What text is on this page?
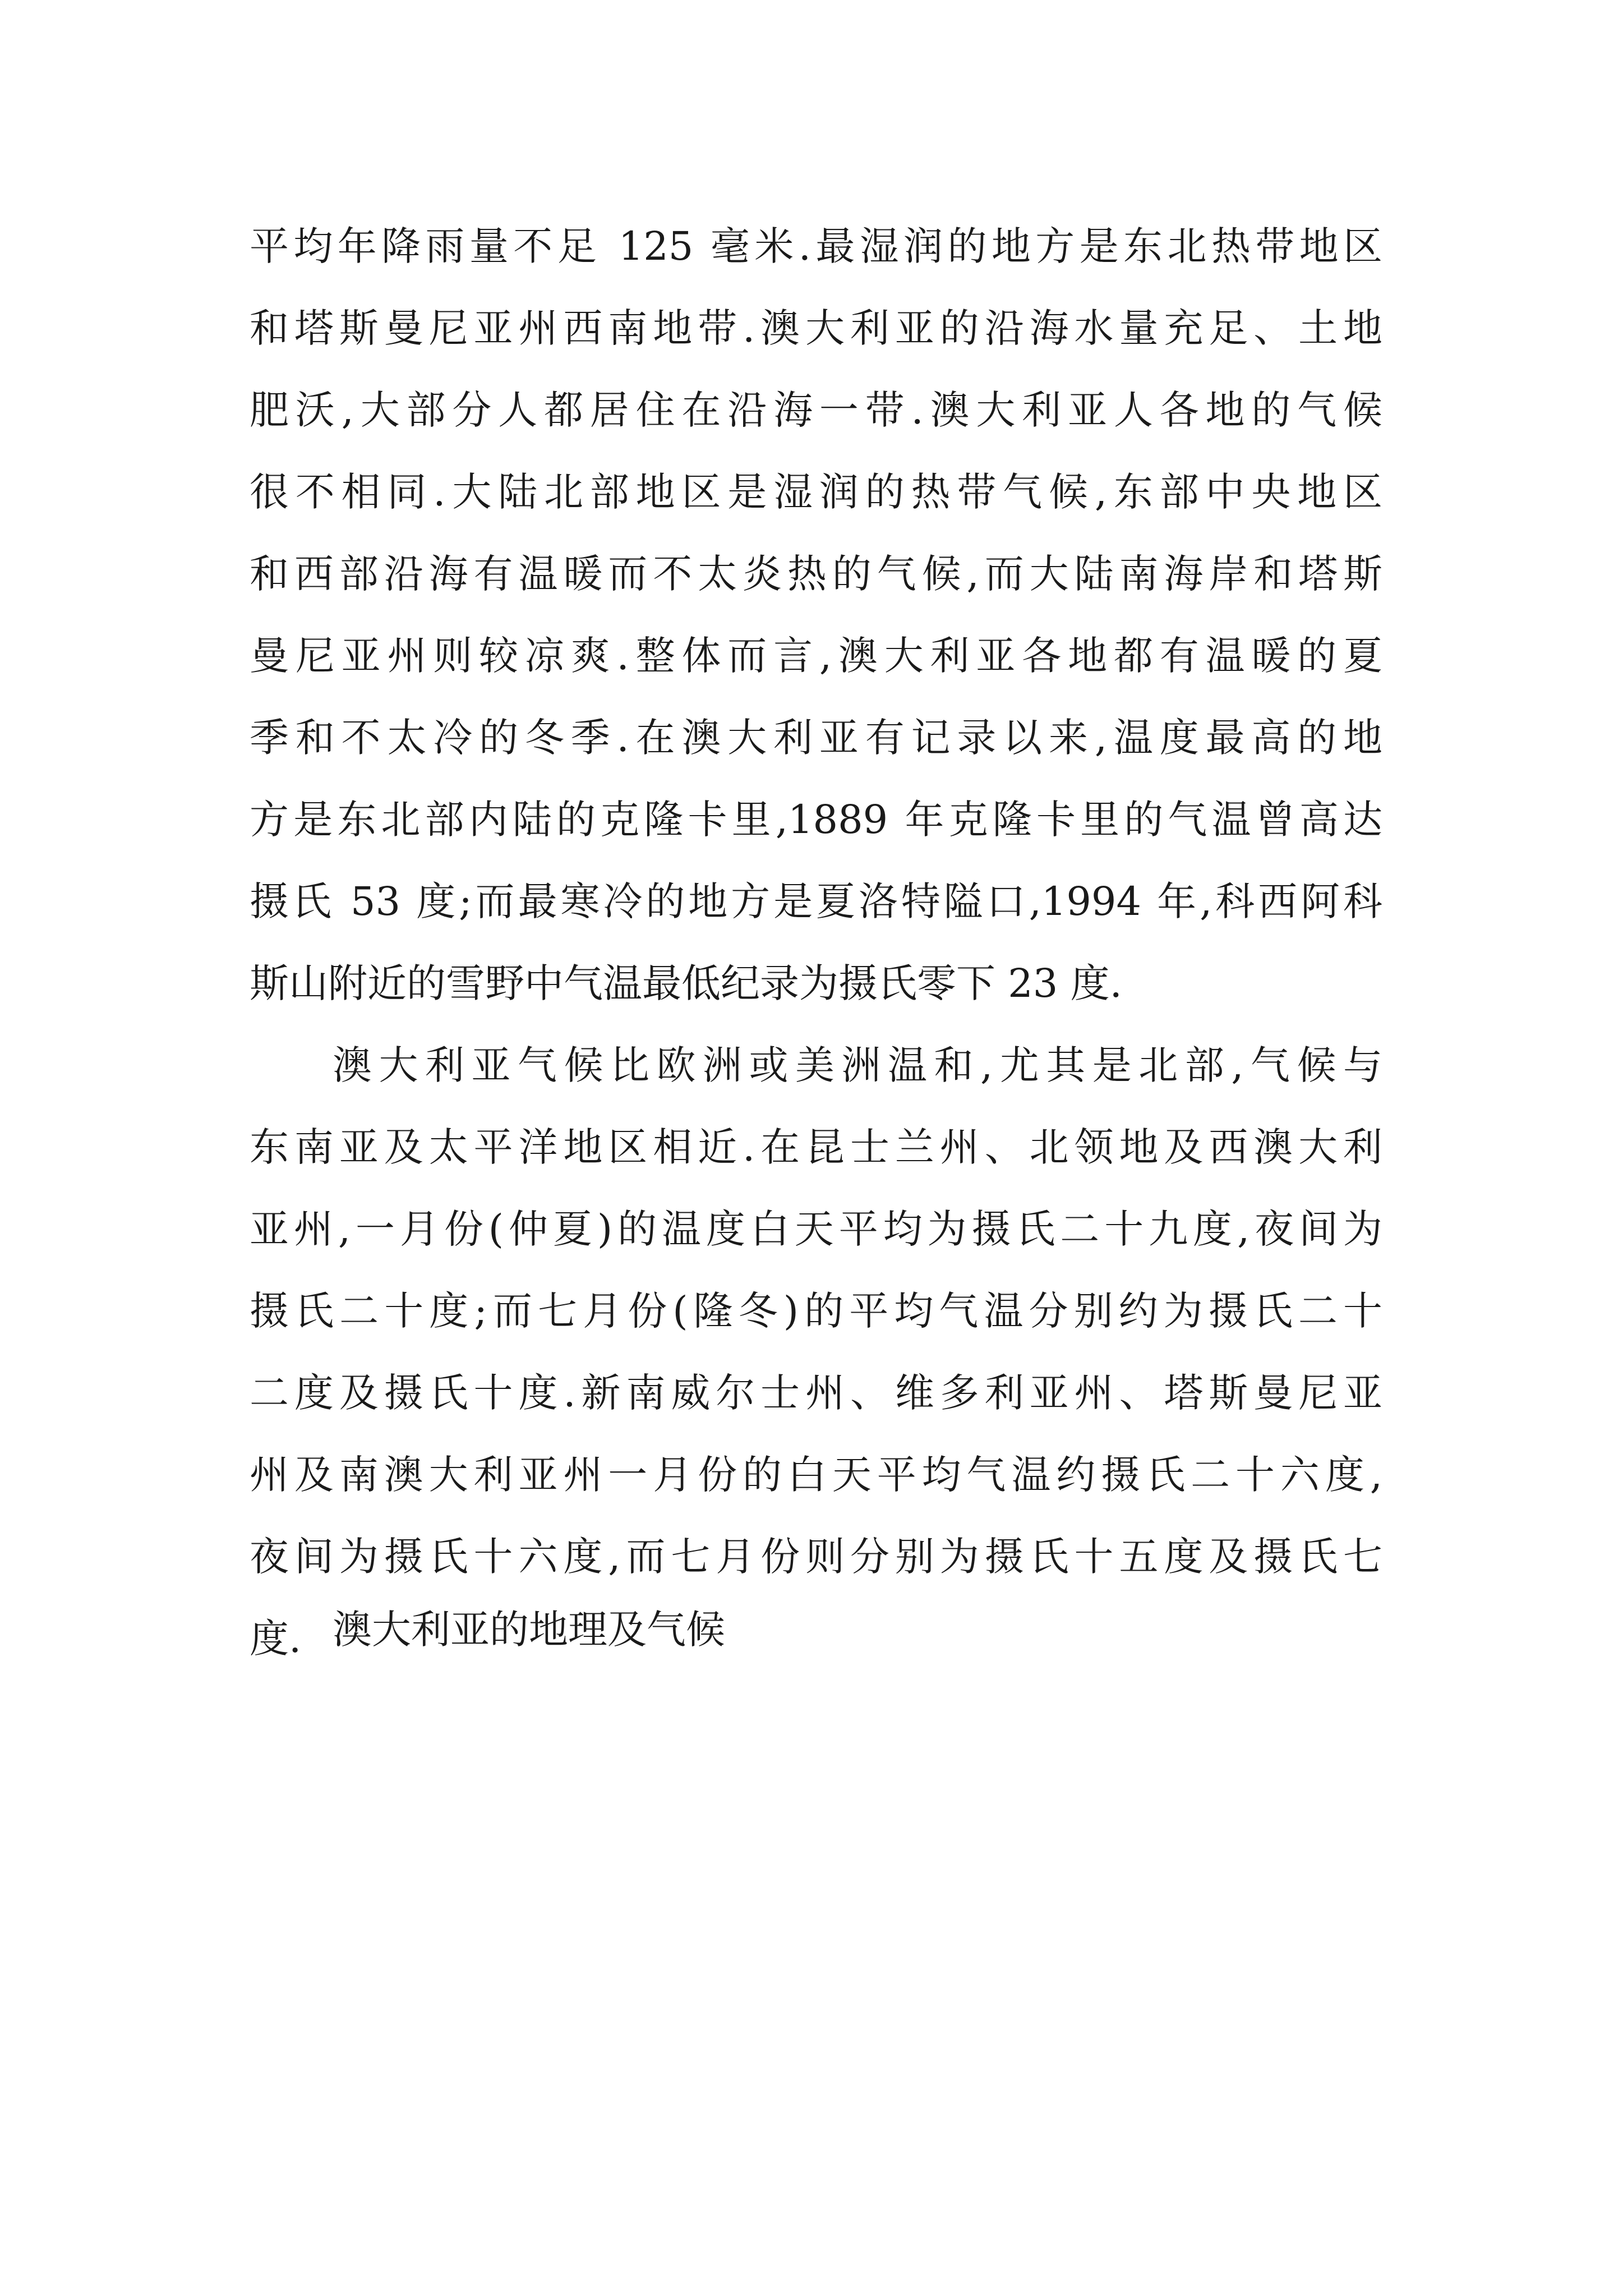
平均年降雨量不足 125 毫米.最湿润的地方是东北热带地区
和塔斯曼尼亚州西南地带.澳大利亚的沿海水量充足、土地
肥沃,大部分人都居住在沿海一带.澳大利亚人各地的气候
很不相同.大陆北部地区是湿润的热带气候,东部中央地区
和西部沿海有温暖而不太炎热的气候,而大陆南海岸和塔斯
曼尼亚州则较凉爽.整体而言,澳大利亚各地都有温暖的夏
季和不太冷的冬季.在澳大利亚有记录以来,温度最高的地
方是东北部内陆的克隆卡里,1889 年克隆卡里的气温曾高达
摄氏 53 度;而最寒冷的地方是夏洛特隘口,1994 年,科西阿科
斯山附近的雪野中气温最低纪录为摄氏零下 23 度.
澳大利亚气候比欧洲或美洲温和,尤其是北部,气候与
东南亚及太平洋地区相近.在昆士兰州、北领地及西澳大利
亚州,一月份(仲夏)的温度白天平均为摄氏二十九度,夜间为
摄氏二十度;而七月份(隆冬)的平均气温分别约为摄氏二十
二度及摄氏十度.新南威尔士州、维多利亚州、塔斯曼尼亚
州及南澳大利亚州一月份的白天平均气温约摄氏二十六度,
夜间为摄氏十六度,而七月份则分别为摄氏十五度及摄氏七
度. 澳大利亚的地理及气候
